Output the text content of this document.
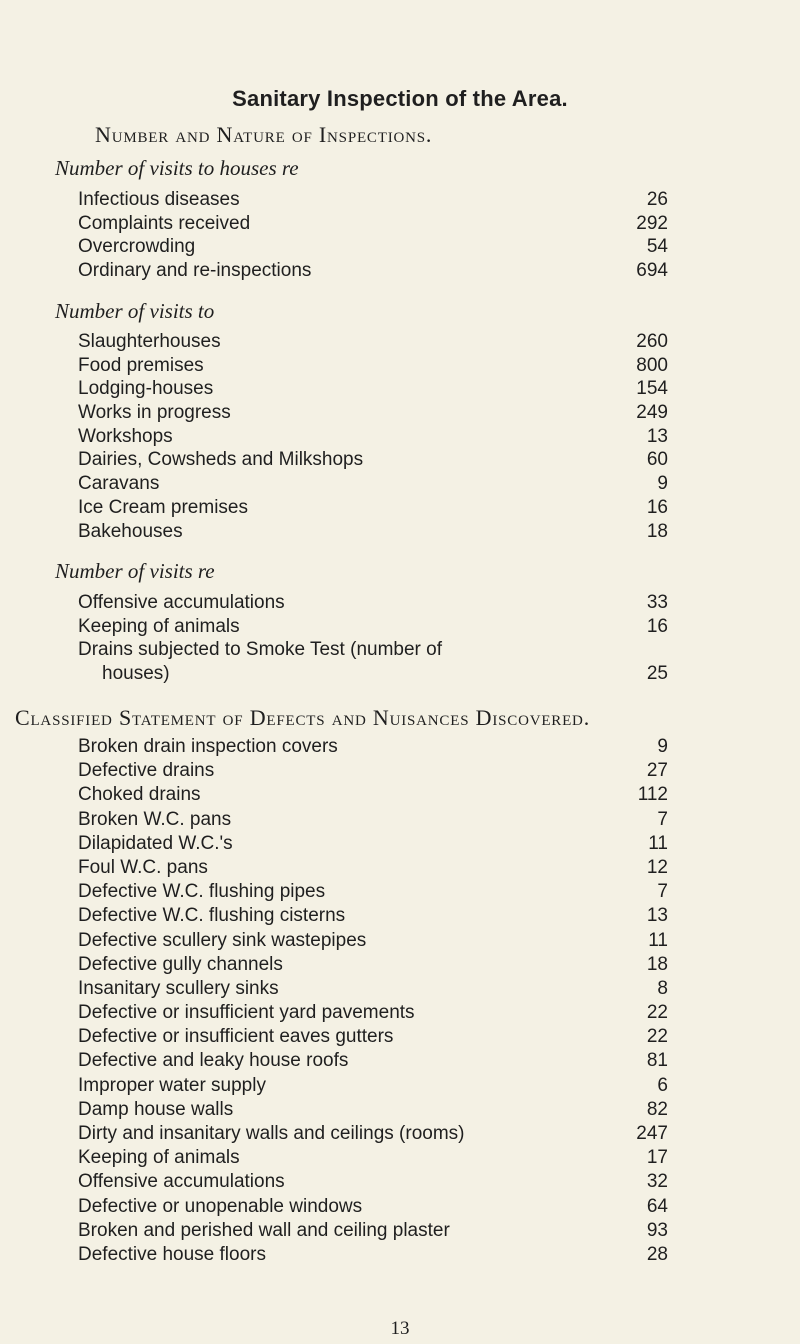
Sanitary Inspection of the Area.
Number and Nature of Inspections.
Number of visits to houses re
Infectious diseases	26
Complaints received	292
Overcrowding	54
Ordinary and re-inspections	694
Number of visits to
Slaughterhouses	260
Food premises	800
Lodging-houses	154
Works in progress	249
Workshops	13
Dairies, Cowsheds and Milkshops	60
Caravans	9
Ice Cream premises	16
Bakehouses	18
Number of visits re
Offensive accumulations	33
Keeping of animals	16
Drains subjected to Smoke Test (number of
houses)	25
Classified Statement of Defects and Nuisances Discovered.
Broken drain inspection covers	9
Defective drains	27
Choked drains	112
Broken W.C. pans	7
Dilapidated W.C.'s	11
Foul W.C. pans	12
Defective W.C. flushing pipes	7
Defective W.C. flushing cisterns	13
Defective scullery sink wastepipes	11
Defective gully channels	18
Insanitary scullery sinks	8
Defective or insufficient yard pavements	22
Defective or insufficient eaves gutters	22
Defective and leaky house roofs	81
Improper water supply	6
Damp house walls	82
Dirty and insanitary walls and ceilings (rooms)	247
Keeping of animals	17
Offensive accumulations	32
Defective or unopenable windows	64
Broken and perished wall and ceiling plaster	93
Defective house floors	28
13
